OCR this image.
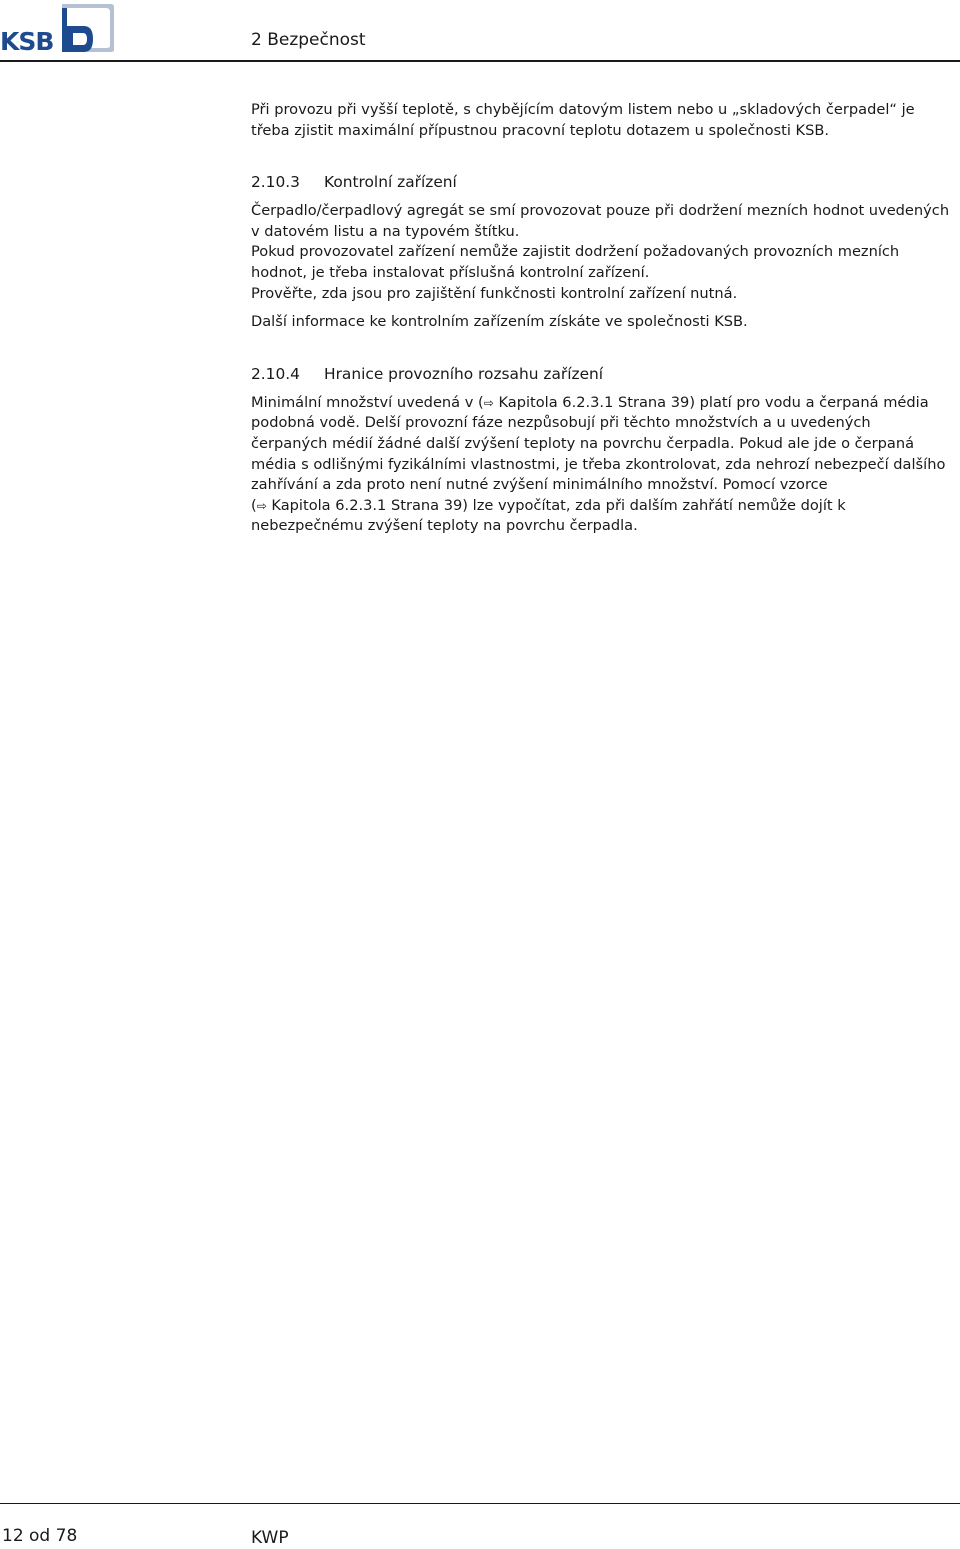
KSB	2 Bezpečnost

Při provozu při vyšší teplotě, s chybějícím datovým listem nebo u „skladových čerpadel“ je třeba zjistit maximální přípustnou pracovní teplotu dotazem u společnosti KSB.

2.10.3	Kontrolní zařízení

Čerpadlo/čerpadlový agregát se smí provozovat pouze při dodržení mezních hodnot uvedených v datovém listu a na typovém štítku.

Pokud provozovatel zařízení nemůže zajistit dodržení požadovaných provozních mezních hodnot, je třeba instalovat příslušná kontrolní zařízení.

Prověřte, zda jsou pro zajištění funkčnosti kontrolní zařízení nutná.

Další informace ke kontrolním zařízením získáte ve společnosti KSB.

2.10.4	Hranice provozního rozsahu zařízení

Minimální množství uvedená v (⇨ Kapitola 6.2.3.1 Strana 39) platí pro vodu a čerpaná média podobná vodě. Delší provozní fáze nezpůsobují při těchto množstvích a u uvedených čerpaných médií žádné další zvýšení teploty na povrchu čerpadla. Pokud ale jde o čerpaná média s odlišnými fyzikálními vlastnostmi, je třeba zkontrolovat, zda nehrozí nebezpečí dalšího zahřívání a zda proto není nutné zvýšení minimálního množství. Pomocí vzorce (⇨ Kapitola 6.2.3.1 Strana 39) lze vypočítat, zda při dalším zahřátí nemůže dojít k nebezpečnému zvýšení teploty na povrchu čerpadla.

12 od 78	KWP
